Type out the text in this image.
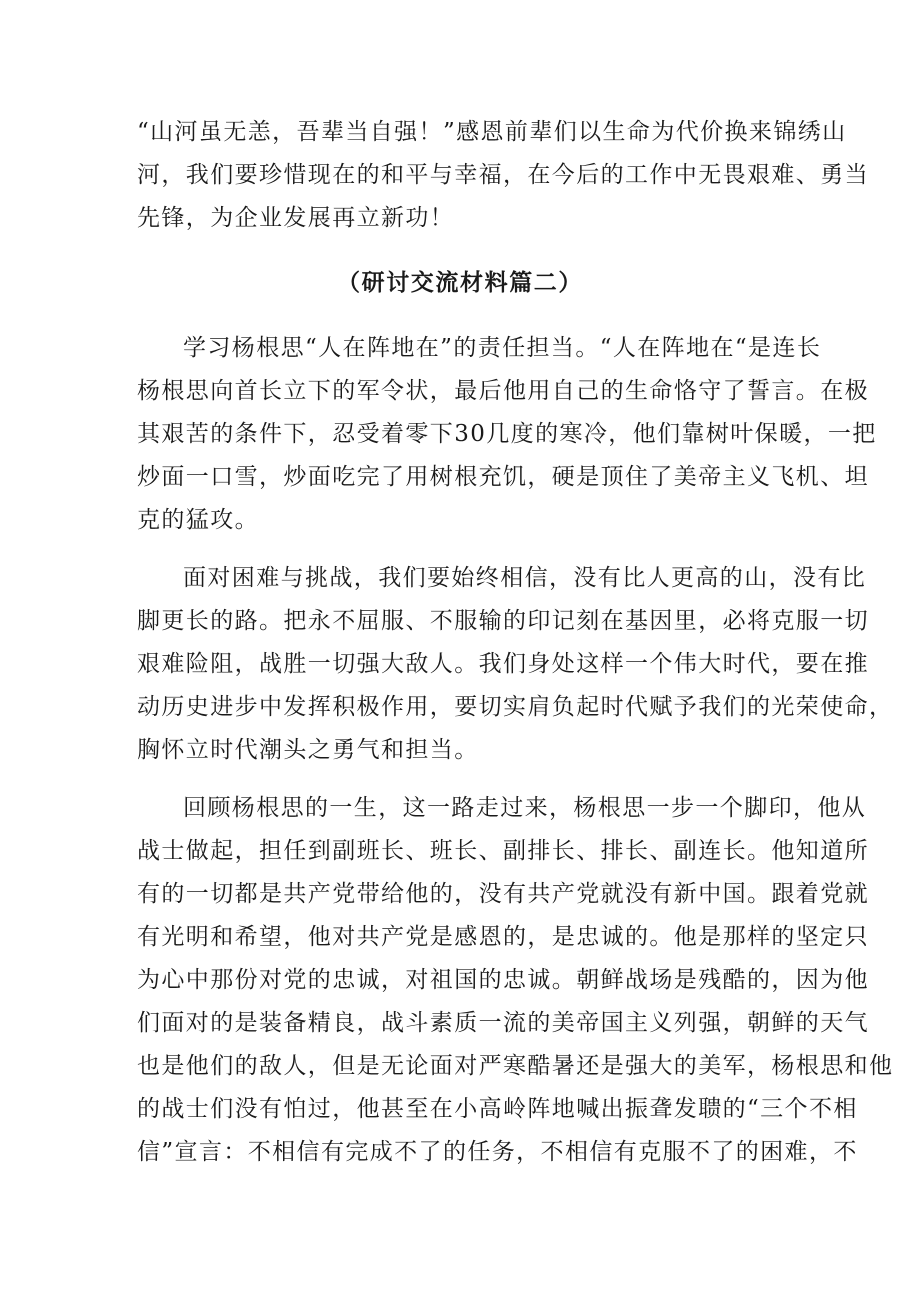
“山河虽无恙，吾辈当自强！”感恩前辈们以生命为代价换来锦绣山
河，我们要珍惜现在的和平与幸福，在今后的工作中无畏艰难、勇当
先锋，为企业发展再立新功！
（研讨交流材料篇二）
学习杨根思“人在阵地在”的责任担当。“人在阵地在“是连长
杨根思向首长立下的军令状，最后他用自己的生命恪守了誓言。在极
其艰苦的条件下，忍受着零下30几度的寒冷，他们靠树叶保暖，一把
炒面一口雪，炒面吃完了用树根充饥，硬是顶住了美帝主义飞机、坦
克的猛攻。
面对困难与挑战，我们要始终相信，没有比人更高的山，没有比
脚更长的路。把永不屈服、不服输的印记刻在基因里，必将克服一切
艰难险阻，战胜一切强大敌人。我们身处这样一个伟大时代，要在推
动历史进步中发挥积极作用，要切实肩负起时代赋予我们的光荣使命，
胸怀立时代潮头之勇气和担当。
回顾杨根思的一生，这一路走过来，杨根思一步一个脚印，他从
战士做起，担任到副班长、班长、副排长、排长、副连长。他知道所
有的一切都是共产党带给他的，没有共产党就没有新中国。跟着党就
有光明和希望，他对共产党是感恩的，是忠诚的。他是那样的坚定只
为心中那份对党的忠诚，对祖国的忠诚。朝鲜战场是残酷的，因为他
们面对的是装备精良，战斗素质一流的美帝国主义列强，朝鲜的天气
也是他们的敌人，但是无论面对严寒酷暑还是强大的美军，杨根思和他
的战士们没有怕过，他甚至在小高岭阵地喊出振聋发聩的“三个不相
信”宣言：不相信有完成不了的任务，不相信有克服不了的困难，不
